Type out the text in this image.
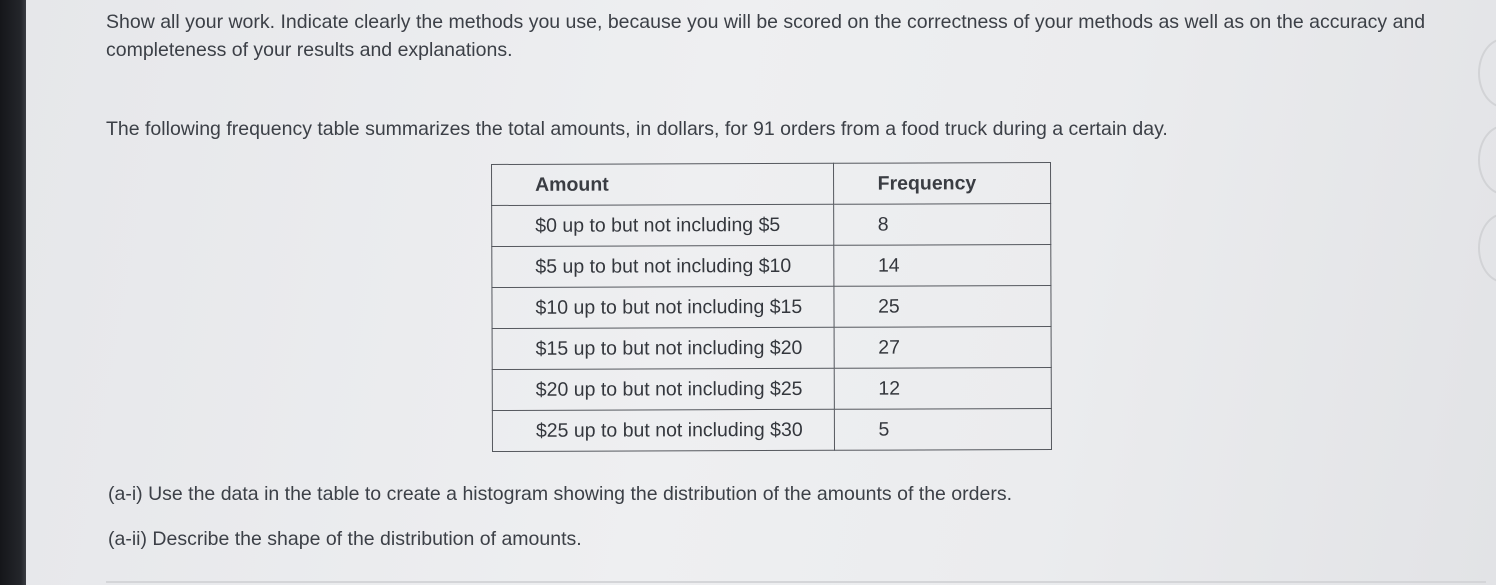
Show all your work. Indicate clearly the methods you use, because you will be scored on the correctness of your methods as well as on the accuracy and completeness of your results and explanations.

The following frequency table summarizes the total amounts, in dollars, for 91 orders from a food truck during a certain day.

Amount	Frequency
$0 up to but not including $5	8
$5 up to but not including $10	14
$10 up to but not including $15	25
$15 up to but not including $20	27
$20 up to but not including $25	12
$25 up to but not including $30	5

(a-i) Use the data in the table to create a histogram showing the distribution of the amounts of the orders.

(a-ii) Describe the shape of the distribution of amounts.
